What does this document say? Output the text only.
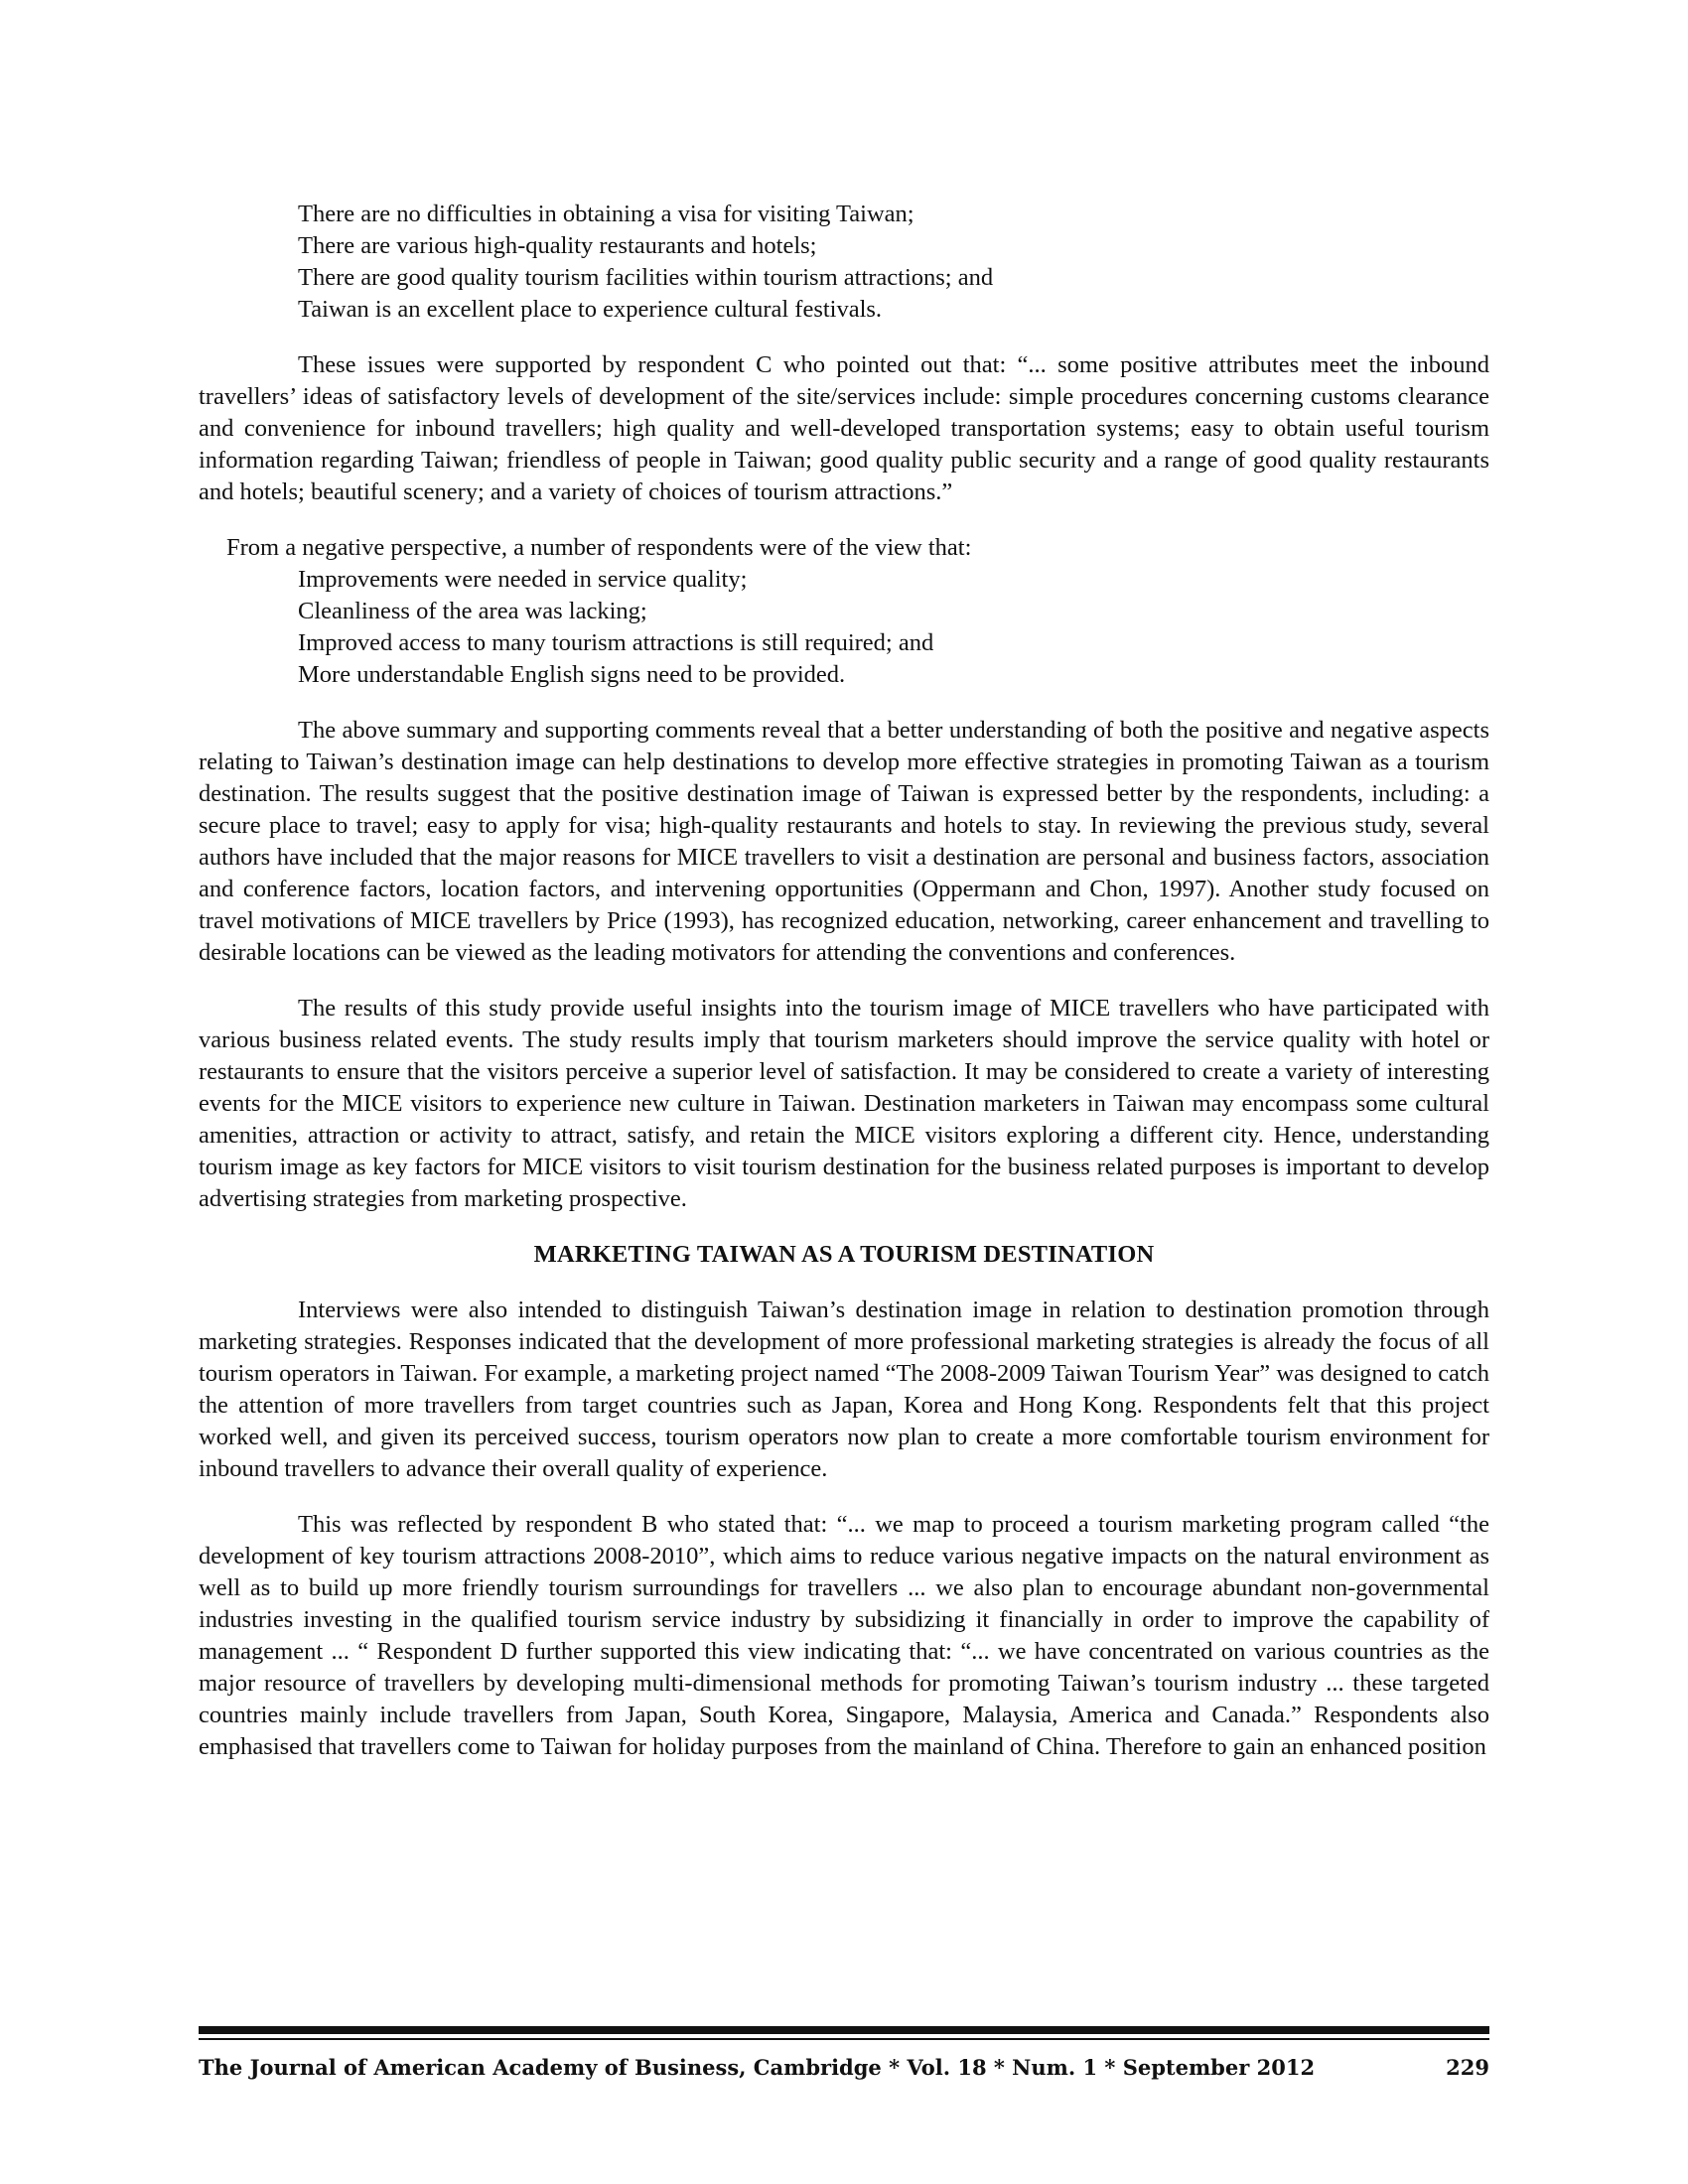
There are no difficulties in obtaining a visa for visiting Taiwan;
There are various high-quality restaurants and hotels;
There are good quality tourism facilities within tourism attractions; and
Taiwan is an excellent place to experience cultural festivals.

These issues were supported by respondent C who pointed out that: “... some positive attributes meet the inbound travellers’ ideas of satisfactory levels of development of the site/services include: simple procedures concerning customs clearance and convenience for inbound travellers; high quality and well-developed transportation systems; easy to obtain useful tourism information regarding Taiwan; friendless of people in Taiwan; good quality public security and a range of good quality restaurants and hotels; beautiful scenery; and a variety of choices of tourism attractions.”

From a negative perspective, a number of respondents were of the view that:

Improvements were needed in service quality;
Cleanliness of the area was lacking;
Improved access to many tourism attractions is still required; and
More understandable English signs need to be provided.

The above summary and supporting comments reveal that a better understanding of both the positive and negative aspects relating to Taiwan’s destination image can help destinations to develop more effective strategies in promoting Taiwan as a tourism destination. The results suggest that the positive destination image of Taiwan is expressed better by the respondents, including: a secure place to travel; easy to apply for visa; high-quality restaurants and hotels to stay. In reviewing the previous study, several authors have included that the major reasons for MICE travellers to visit a destination are personal and business factors, association and conference factors, location factors, and intervening opportunities (Oppermann and Chon, 1997). Another study focused on travel motivations of MICE travellers by Price (1993), has recognized education, networking, career enhancement and travelling to desirable locations can be viewed as the leading motivators for attending the conventions and conferences.

The results of this study provide useful insights into the tourism image of MICE travellers who have participated with various business related events. The study results imply that tourism marketers should improve the service quality with hotel or restaurants to ensure that the visitors perceive a superior level of satisfaction. It may be considered to create a variety of interesting events for the MICE visitors to experience new culture in Taiwan. Destination marketers in Taiwan may encompass some cultural amenities, attraction or activity to attract, satisfy, and retain the MICE visitors exploring a different city. Hence, understanding tourism image as key factors for MICE visitors to visit tourism destination for the business related purposes is important to develop advertising strategies from marketing prospective.

MARKETING TAIWAN AS A TOURISM DESTINATION

Interviews were also intended to distinguish Taiwan’s destination image in relation to destination promotion through marketing strategies. Responses indicated that the development of more professional marketing strategies is already the focus of all tourism operators in Taiwan. For example, a marketing project named “The 2008-2009 Taiwan Tourism Year” was designed to catch the attention of more travellers from target countries such as Japan, Korea and Hong Kong. Respondents felt that this project worked well, and given its perceived success, tourism operators now plan to create a more comfortable tourism environment for inbound travellers to advance their overall quality of experience.

This was reflected by respondent B who stated that: “... we map to proceed a tourism marketing program called “the development of key tourism attractions 2008-2010”, which aims to reduce various negative impacts on the natural environment as well as to build up more friendly tourism surroundings for travellers ... we also plan to encourage abundant non-governmental industries investing in the qualified tourism service industry by subsidizing it financially in order to improve the capability of management ... “ Respondent D further supported this view indicating that: “... we have concentrated on various countries as the major resource of travellers by developing multi-dimensional methods for promoting Taiwan’s tourism industry ... these targeted countries mainly include travellers from Japan, South Korea, Singapore, Malaysia, America and Canada.” Respondents also emphasised that travellers come to Taiwan for holiday purposes from the mainland of China. Therefore to gain an enhanced position

The Journal of American Academy of Business, Cambridge * Vol. 18 * Num. 1 * September 2012	229
